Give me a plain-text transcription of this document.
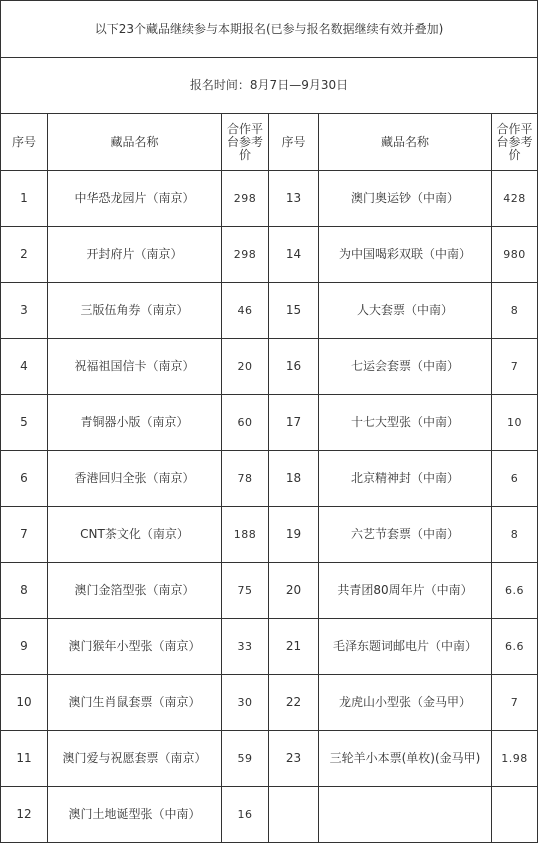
以下23个藏品继续参与本期报名(已参与报名数据继续有效并叠加)					
报名时间：8月7日—9月30日					
序号	藏品名称	合作平台参考价	序号	藏品名称	合作平台参考价
1	中华恐龙园片（南京）	298	13	澳门奥运钞（中南）	428
2	开封府片（南京）	298	14	为中国喝彩双联（中南）	980
3	三版伍角券（南京）	46	15	人大套票（中南）	8
4	祝福祖国信卡（南京）	20	16	七运会套票（中南）	7
5	青铜器小版（南京）	60	17	十七大型张（中南）	10
6	香港回归全张（南京）	78	18	北京精神封（中南）	6
7	CNT茶文化（南京）	188	19	六艺节套票（中南）	8
8	澳门金箔型张（南京）	75	20	共青团80周年片（中南）	6.6
9	澳门猴年小型张（南京）	33	21	毛泽东题词邮电片（中南）	6.6
10	澳门生肖鼠套票（南京）	30	22	龙虎山小型张（金马甲）	7
11	澳门爱与祝愿套票（南京）	59	23	三轮羊小本票(单枚)(金马甲)	1.98
12	澳门土地诞型张（中南）	16			
